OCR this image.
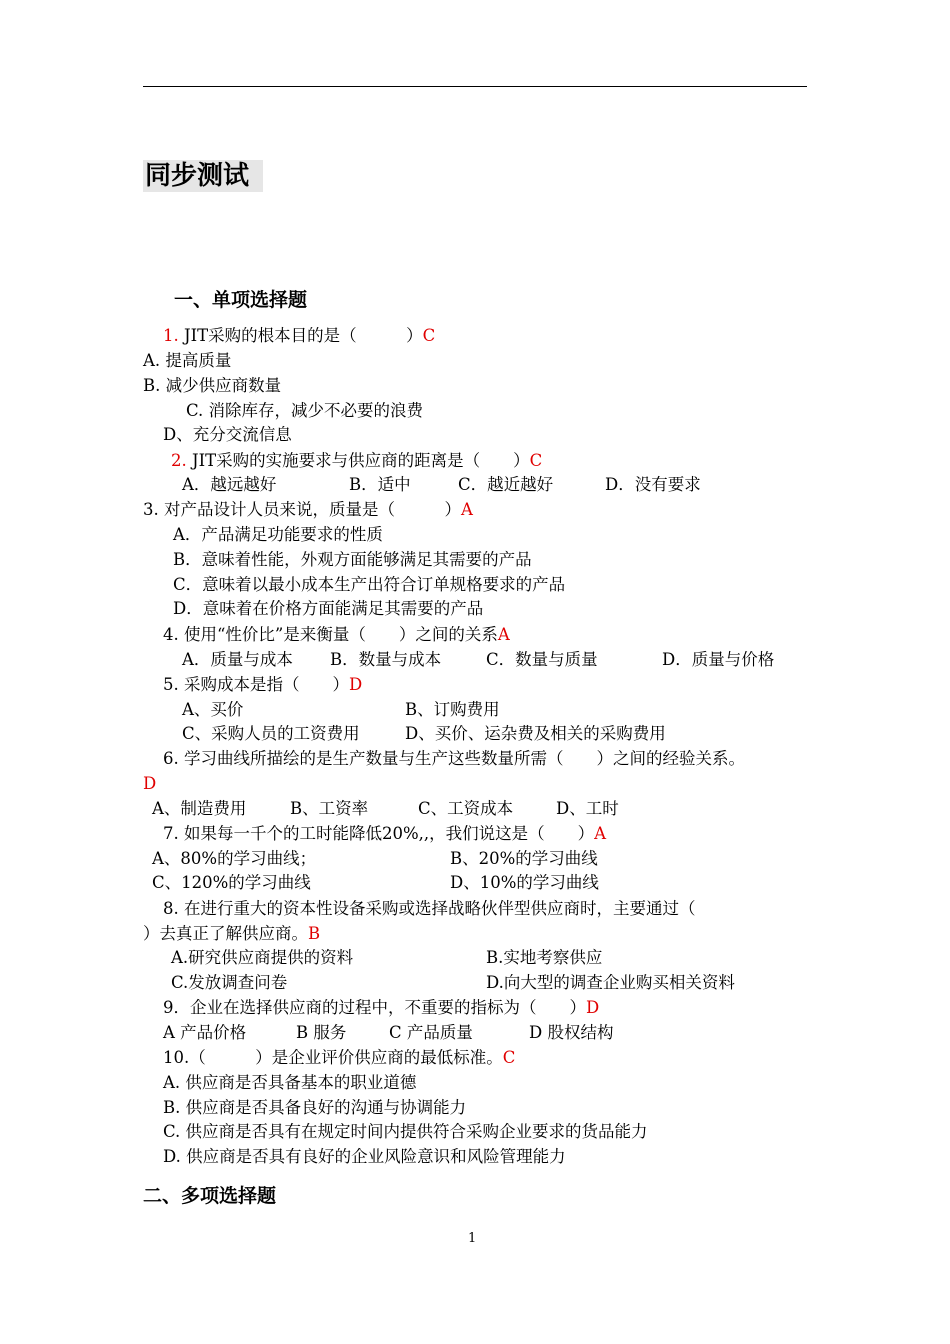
同步测试
一、单项选择题
1. JIT采购的根本目的是（　　　）C
A. 提高质量
B. 减少供应商数量
C. 消除库存，减少不必要的浪费
D、充分交流信息
2. JIT采购的实施要求与供应商的距离是（　　）C
A．越远越好	B．适中	C．越近越好	D．没有要求
3. 对产品设计人员来说，质量是（　　　）A
A．产品满足功能要求的性质
B．意味着性能，外观方面能够满足其需要的产品
C．意味着以最小成本生产出符合订单规格要求的产品
D．意味着在价格方面能满足其需要的产品
4. 使用“性价比”是来衡量（　　）之间的关系A
A．质量与成本 B．数量与成本	C．数量与质量	D．质量与价格
5. 采购成本是指（　　）D
A、买价	B、订购费用
C、采购人员的工资费用	D、买价、运杂费及相关的采购费用
6. 学习曲线所描绘的是生产数量与生产这些数量所需（　　）之间的经验关系。
D
A、制造费用	B、工资率	C、工资成本	D、工时
7. 如果每一千个的工时能降低20%,,，我们说这是（　　）A
A、80%的学习曲线；	B、20%的学习曲线
C、120%的学习曲线	D、10%的学习曲线
8. 在进行重大的资本性设备采购或选择战略伙伴型供应商时，主要通过（
）去真正了解供应商。B
A.研究供应商提供的资料	B.实地考察供应
C.发放调查问卷	D.向大型的调查企业购买相关资料
9．企业在选择供应商的过程中，不重要的指标为（　　）D
A 产品价格	B 服务	C 产品质量	D 股权结构
10.（　　　）是企业评价供应商的最低标准。C
A. 供应商是否具备基本的职业道德
B. 供应商是否具备良好的沟通与协调能力
C. 供应商是否具有在规定时间内提供符合采购企业要求的货品能力
D. 供应商是否具有良好的企业风险意识和风险管理能力
二、多项选择题
1
